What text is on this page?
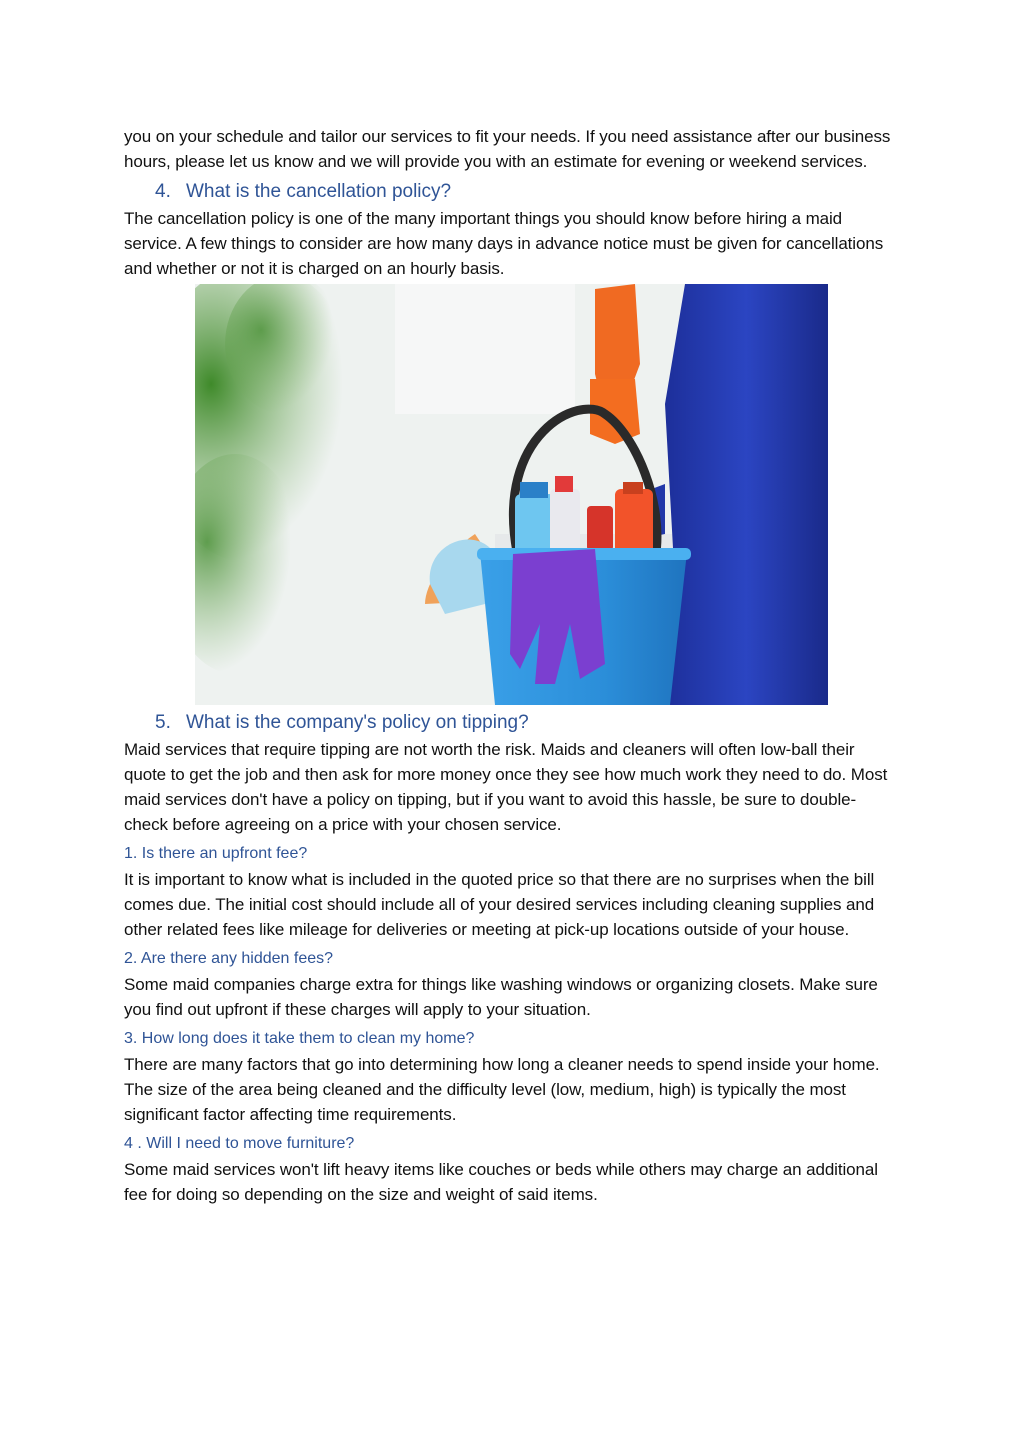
you on your schedule and tailor our services to fit your needs. If you need assistance after our business hours, please let us know and we will provide you with an estimate for evening or weekend services.

4. What is the cancellation policy?

The cancellation policy is one of the many important things you should know before hiring a maid service. A few things to consider are how many days in advance notice must be given for cancellations and whether or not it is charged on an hourly basis.

5. What is the company's policy on tipping?

Maid services that require tipping are not worth the risk. Maids and cleaners will often low-ball their quote to get the job and then ask for more money once they see how much work they need to do. Most maid services don't have a policy on tipping, but if you want to avoid this hassle, be sure to double-check before agreeing on a price with your chosen service.

1. Is there an upfront fee?

It is important to know what is included in the quoted price so that there are no surprises when the bill comes due. The initial cost should include all of your desired services including cleaning supplies and other related fees like mileage for deliveries or meeting at pick-up locations outside of your house.

2. Are there any hidden fees?

Some maid companies charge extra for things like washing windows or organizing closets. Make sure you find out upfront if these charges will apply to your situation.

3. How long does it take them to clean my home?

There are many factors that go into determining how long a cleaner needs to spend inside your home. The size of the area being cleaned and the difficulty level (low, medium, high) is typically the most significant factor affecting time requirements.

4 . Will I need to move furniture?

Some maid services won't lift heavy items like couches or beds while others may charge an additional fee for doing so depending on the size and weight of said items.
